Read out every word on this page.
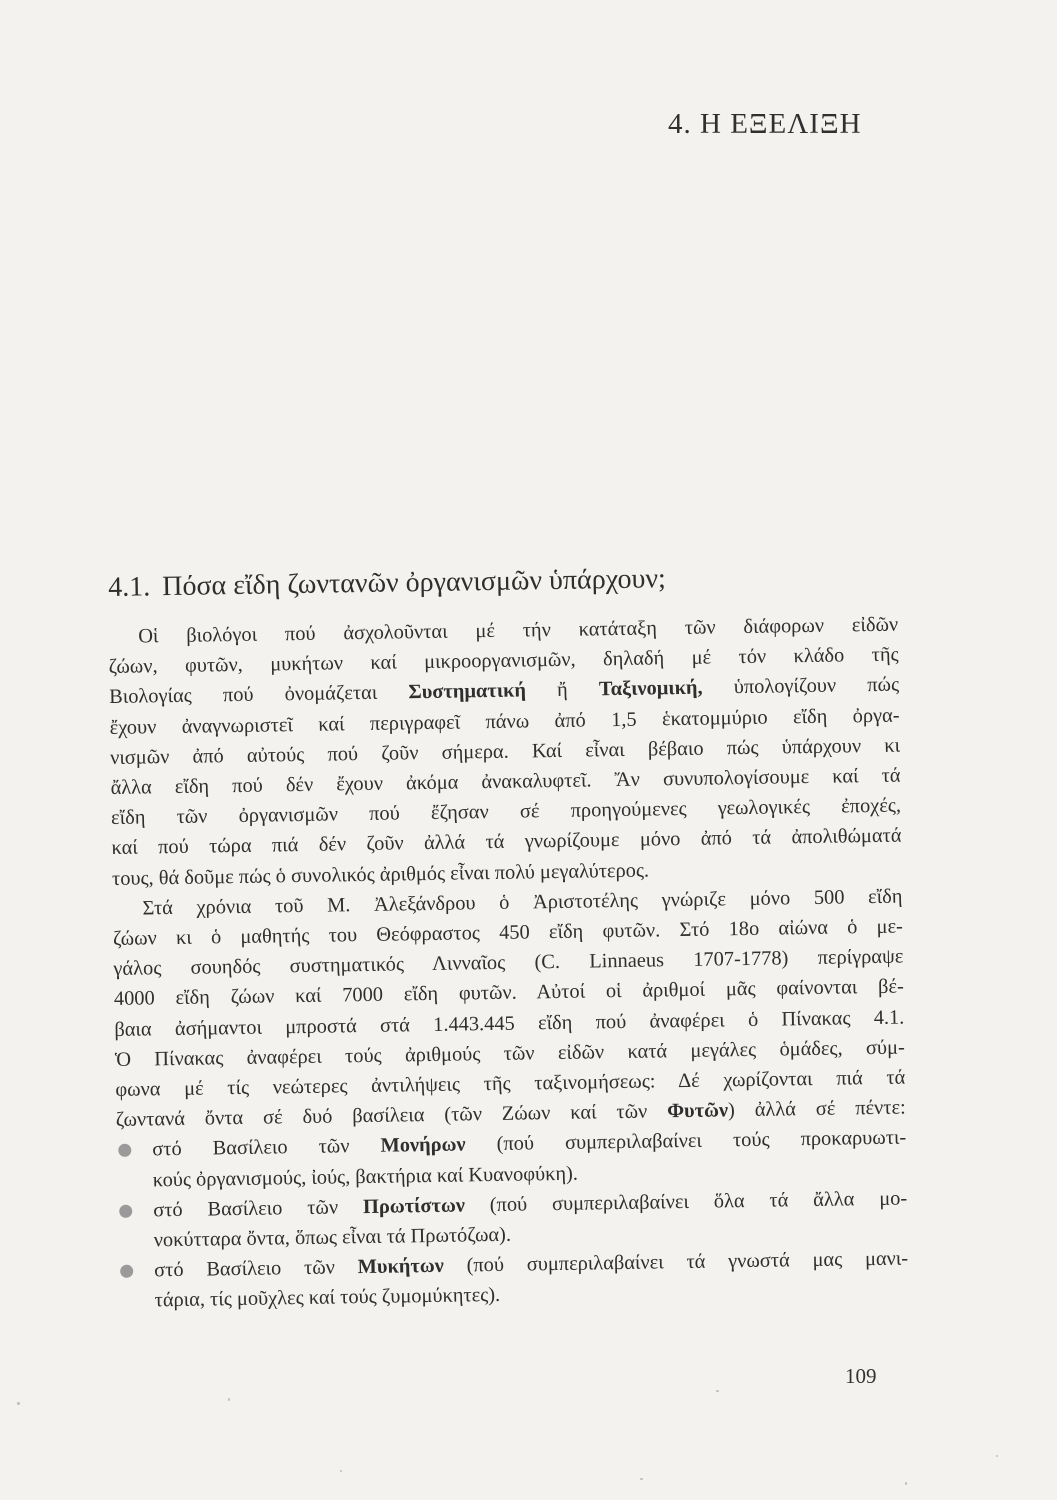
4. Η ΕΞΕΛΙΞΗ
4.1. Πόσα εἴδη ζωντανῶν ὀργανισμῶν ὑπάρχουν;
Οἱ βιολόγοι πού ἀσχολοῦνται μέ τήν κατάταξη τῶν διάφορων εἰδῶν
ζώων, φυτῶν, μυκήτων καί μικροοργανισμῶν, δηλαδή μέ τόν κλάδο τῆς
Βιολογίας πού ὀνομάζεται Συστηματική ἤ Ταξινομική, ὑπολογίζουν πώς
ἔχουν ἀναγνωριστεῖ καί περιγραφεῖ πάνω ἀπό 1,5 ἑκατομμύριο εἴδη ὀργα-
νισμῶν ἀπό αὐτούς πού ζοῦν σήμερα. Καί εἶναι βέβαιο πώς ὑπάρχουν κι
ἄλλα εἴδη πού δέν ἔχουν ἀκόμα ἀνακαλυφτεῖ. Ἄν συνυπολογίσουμε καί τά
εἴδη τῶν ὀργανισμῶν πού ἔζησαν σέ προηγούμενες γεωλογικές ἐποχές,
καί πού τώρα πιά δέν ζοῦν ἀλλά τά γνωρίζουμε μόνο ἀπό τά ἀπολιθώματά
τους, θά δοῦμε πώς ὁ συνολικός ἀριθμός εἶναι πολύ μεγαλύτερος.
Στά χρόνια τοῦ Μ. Ἀλεξάνδρου ὁ Ἀριστοτέλης γνώριζε μόνο 500 εἴδη
ζώων κι ὁ μαθητής του Θεόφραστος 450 εἴδη φυτῶν. Στό 18ο αἰώνα ὁ με-
γάλος σουηδός συστηματικός Λινναῖος (C. Linnaeus 1707-1778) περίγραψε
4000 εἴδη ζώων καί 7000 εἴδη φυτῶν. Αὐτοί οἱ ἀριθμοί μᾶς φαίνονται βέ-
βαια ἀσήμαντοι μπροστά στά 1.443.445 εἴδη πού ἀναφέρει ὁ Πίνακας 4.1.
Ὁ Πίνακας ἀναφέρει τούς ἀριθμούς τῶν εἰδῶν κατά μεγάλες ὁμάδες, σύμ-
φωνα μέ τίς νεώτερες ἀντιλήψεις τῆς ταξινομήσεως: Δέ χωρίζονται πιά τά
ζωντανά ὄντα σέ δυό βασίλεια (τῶν Ζώων καί τῶν Φυτῶν) ἀλλά σέ πέντε:
στό Βασίλειο τῶν Μονήρων (πού συμπεριλαβαίνει τούς προκαρυωτι-
κούς ὀργανισμούς, ἰούς, βακτήρια καί Κυανοφύκη).
στό Βασίλειο τῶν Πρωτίστων (πού συμπεριλαβαίνει ὅλα τά ἄλλα μο-
νοκύτταρα ὄντα, ὅπως εἶναι τά Πρωτόζωα).
στό Βασίλειο τῶν Μυκήτων (πού συμπεριλαβαίνει τά γνωστά μας μανι-
τάρια, τίς μοῦχλες καί τούς ζυμομύκητες).
109
